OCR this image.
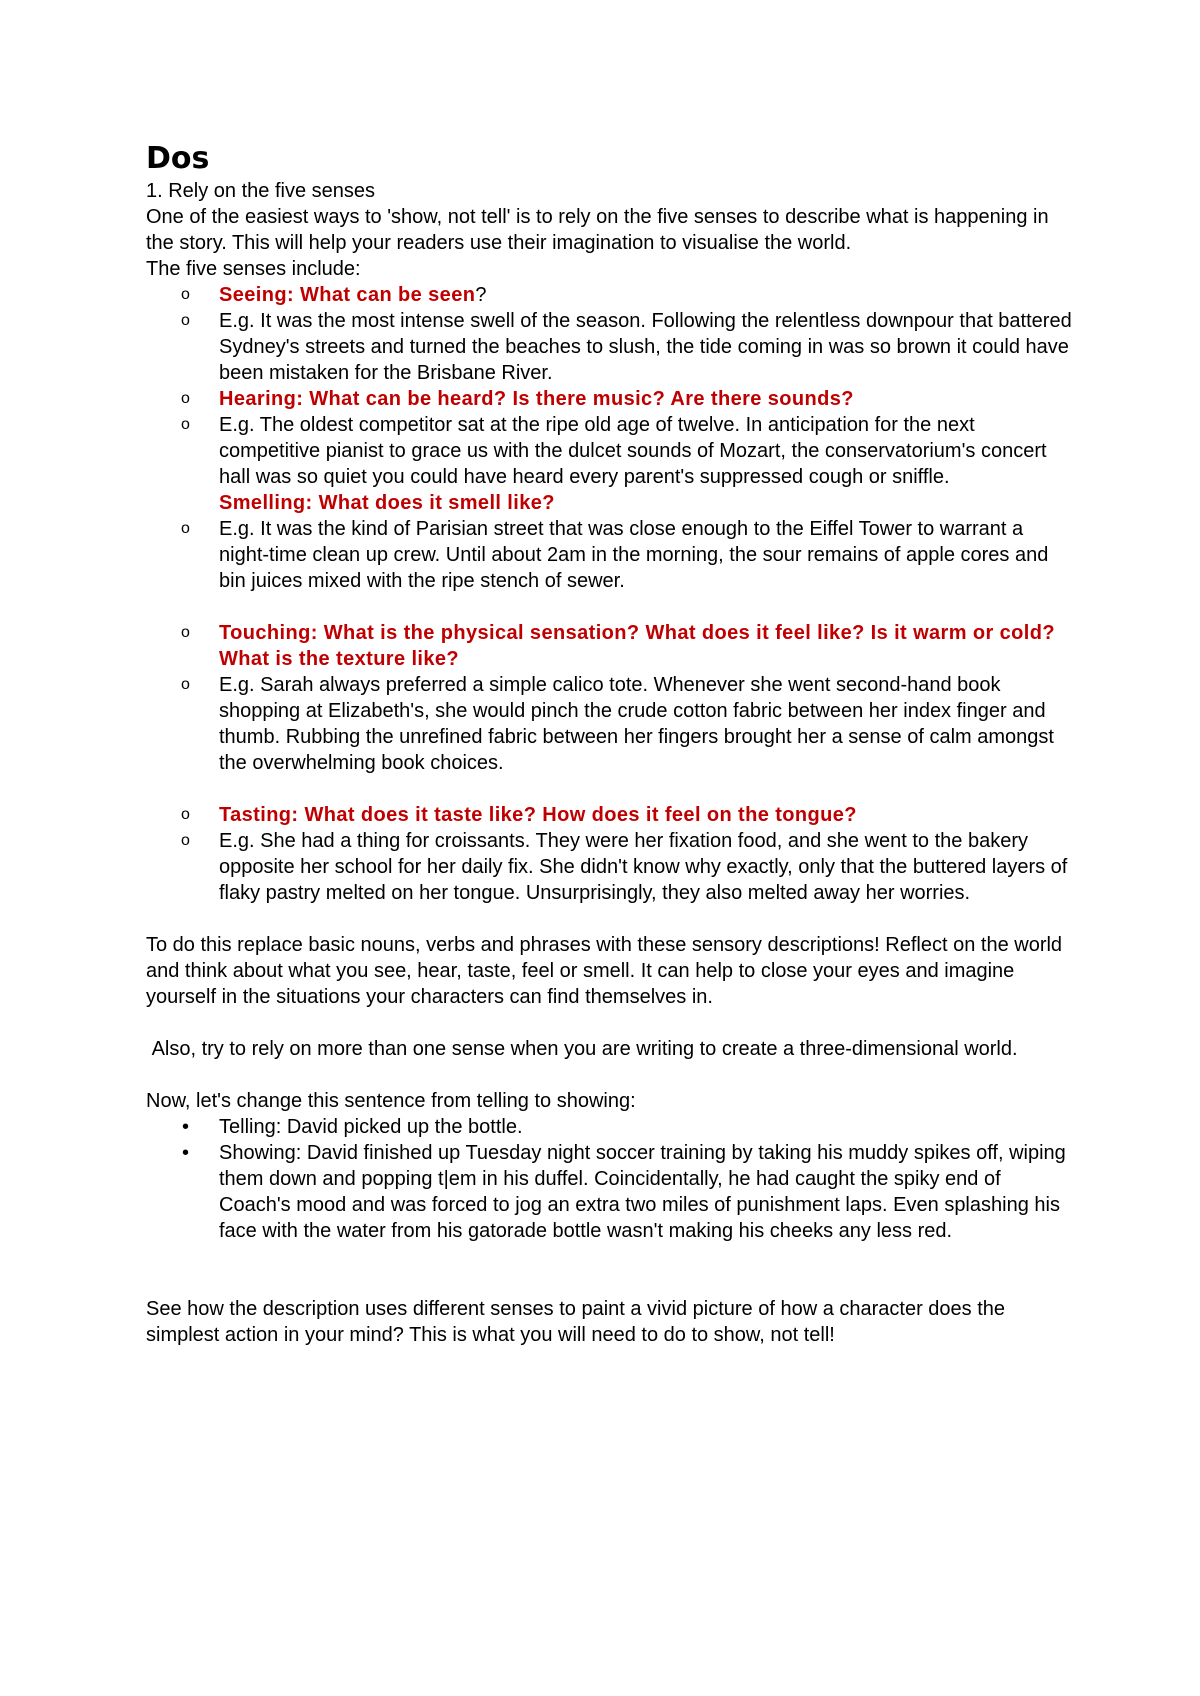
Dos

1. Rely on the five senses

One of the easiest ways to 'show, not tell' is to rely on the five senses to describe what is happening in the story. This will help your readers use their imagination to visualise the world.

The five senses include:

o Seeing: What can be seen?
o E.g. It was the most intense swell of the season. Following the relentless downpour that battered Sydney's streets and turned the beaches to slush, the tide coming in was so brown it could have been mistaken for the Brisbane River.
o Hearing: What can be heard? Is there music? Are there sounds?
o E.g. The oldest competitor sat at the ripe old age of twelve. In anticipation for the next competitive pianist to grace us with the dulcet sounds of Mozart, the conservatorium's concert hall was so quiet you could have heard every parent's suppressed cough or sniffle.
Smelling: What does it smell like?
o E.g. It was the kind of Parisian street that was close enough to the Eiffel Tower to warrant a night-time clean up crew. Until about 2am in the morning, the sour remains of apple cores and bin juices mixed with the ripe stench of sewer.
o Touching: What is the physical sensation? What does it feel like? Is it warm or cold? What is the texture like?
o E.g. Sarah always preferred a simple calico tote. Whenever she went second-hand book shopping at Elizabeth's, she would pinch the crude cotton fabric between her index finger and thumb. Rubbing the unrefined fabric between her fingers brought her a sense of calm amongst the overwhelming book choices.
o Tasting: What does it taste like? How does it feel on the tongue?
o E.g. She had a thing for croissants. They were her fixation food, and she went to the bakery opposite her school for her daily fix. She didn't know why exactly, only that the buttered layers of flaky pastry melted on her tongue. Unsurprisingly, they also melted away her worries.

To do this replace basic nouns, verbs and phrases with these sensory descriptions! Reflect on the world and think about what you see, hear, taste, feel or smell. It can help to close your eyes and imagine yourself in the situations your characters can find themselves in.

Also, try to rely on more than one sense when you are writing to create a three-dimensional world.

Now, let's change this sentence from telling to showing:

• Telling: David picked up the bottle.
• Showing: David finished up Tuesday night soccer training by taking his muddy spikes off, wiping them down and popping t|em in his duffel. Coincidentally, he had caught the spiky end of Coach's mood and was forced to jog an extra two miles of punishment laps. Even splashing his face with the water from his gatorade bottle wasn't making his cheeks any less red.

See how the description uses different senses to paint a vivid picture of how a character does the simplest action in your mind? This is what you will need to do to show, not tell!
